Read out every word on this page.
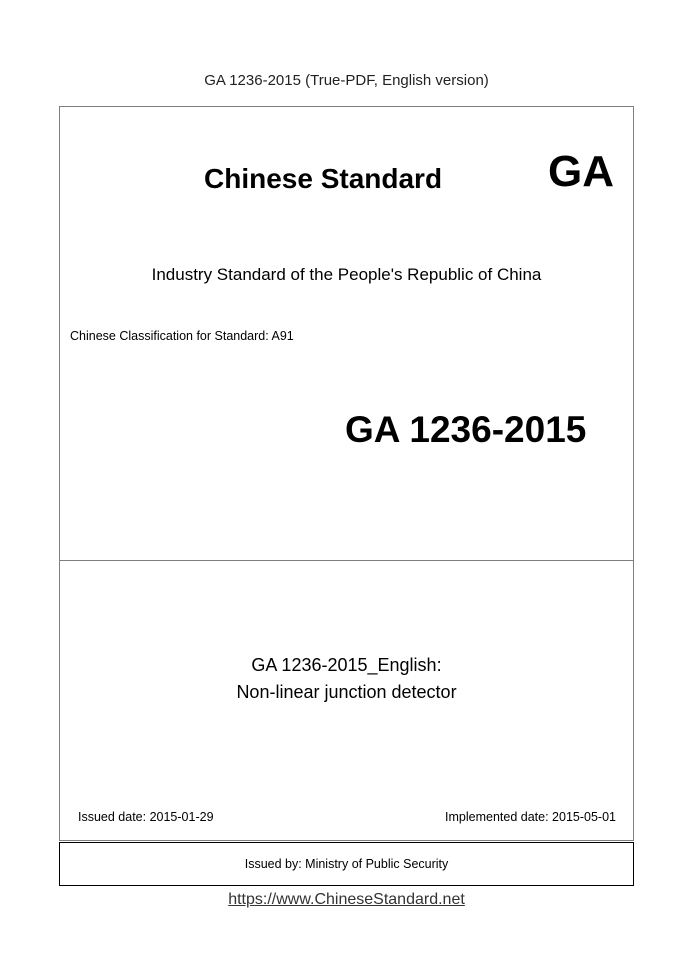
GA 1236-2015 (True-PDF, English version)
Chinese Standard GA
Industry Standard of the People's Republic of China
Chinese Classification for Standard: A91
GA 1236-2015
GA 1236-2015_English:
Non-linear junction detector
Issued date: 2015-01-29	Implemented date: 2015-05-01
Issued by: Ministry of Public Security
https://www.ChineseStandard.net
